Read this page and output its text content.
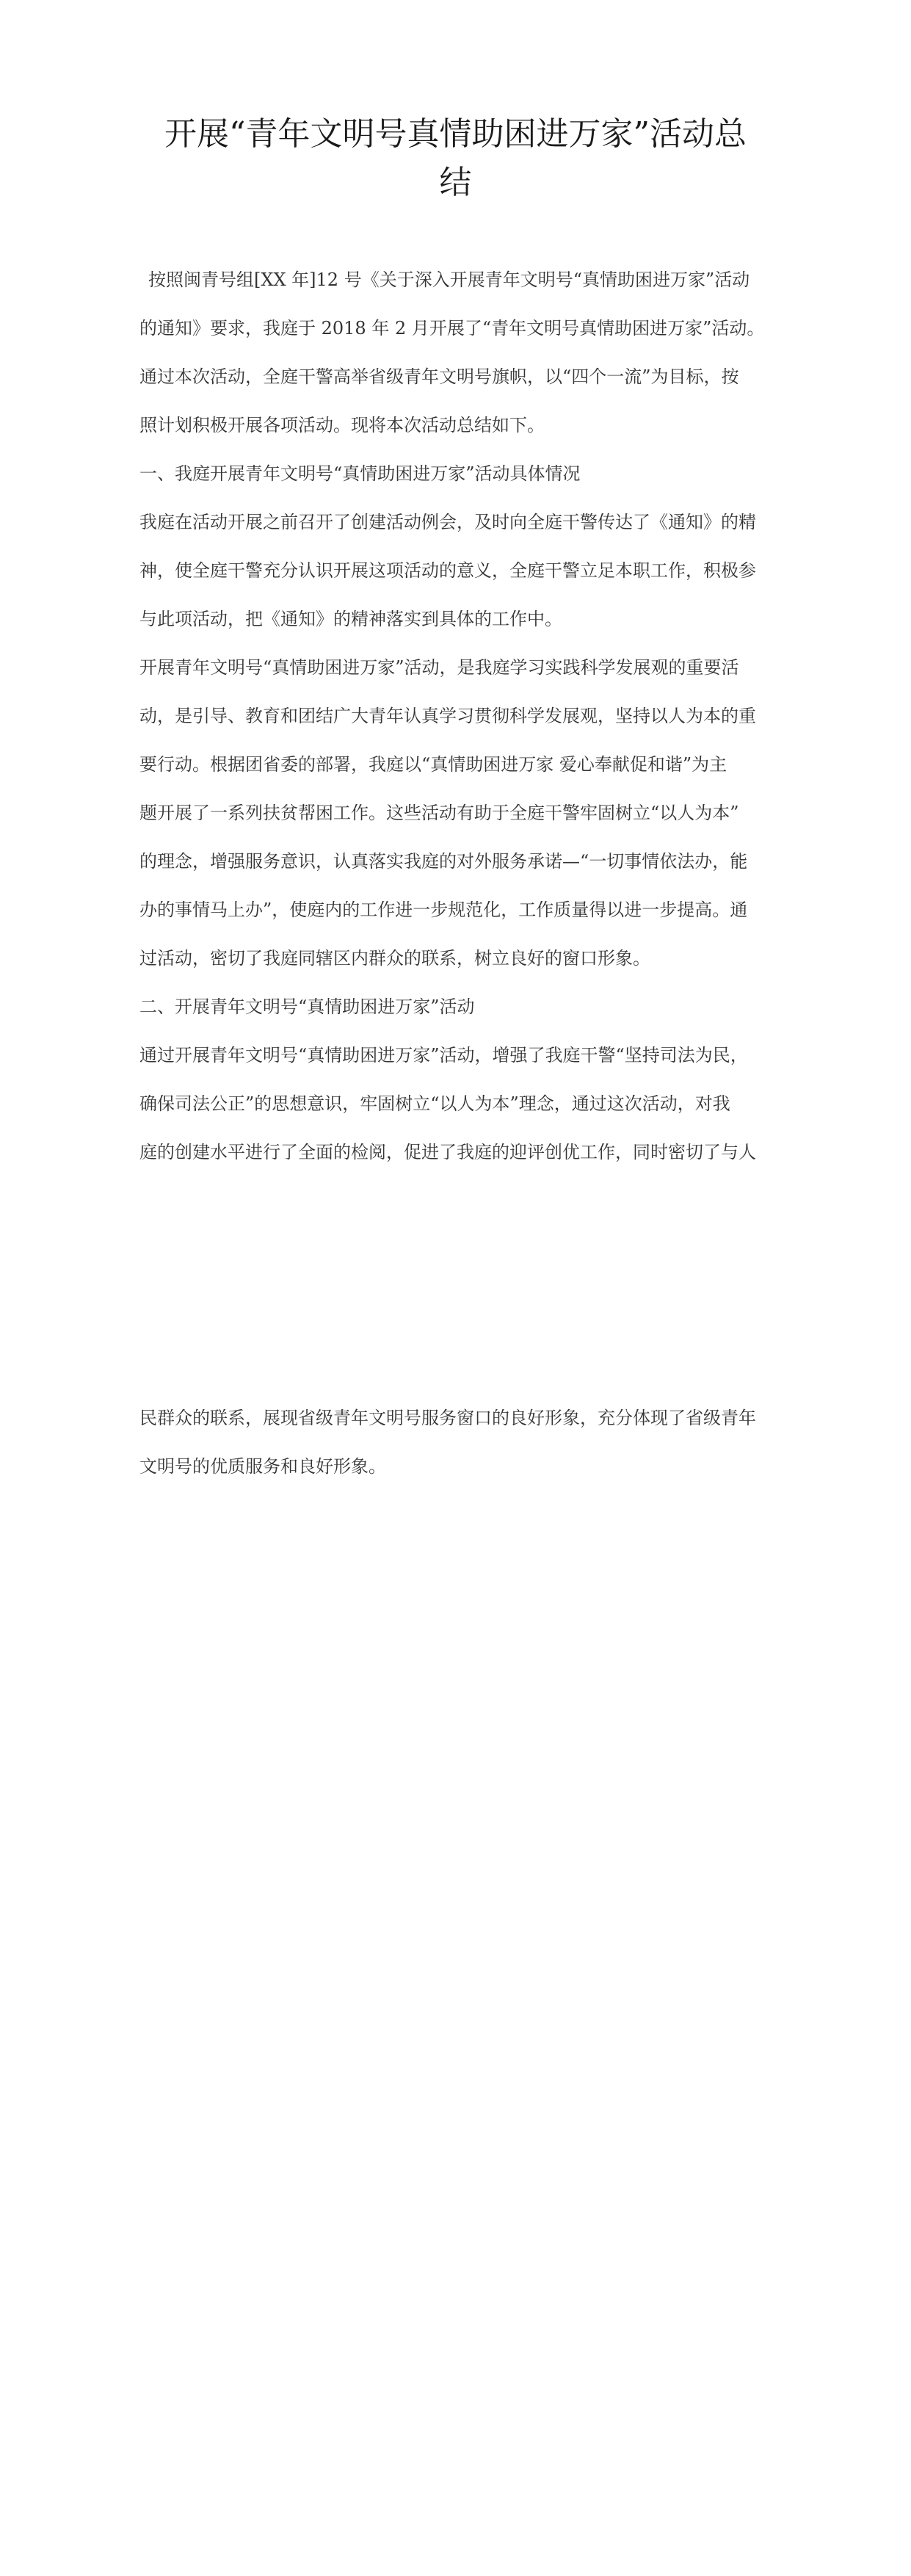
开展“青年文明号真情助困进万家”活动总
结
按照闽青号组[XX 年]12 号《关于深入开展青年文明号“真情助困进万家”活动
的通知》要求，我庭于 2018 年 2 月开展了“青年文明号真情助困进万家”活动。
通过本次活动，全庭干警高举省级青年文明号旗帜，以“四个一流”为目标，按
照计划积极开展各项活动。现将本次活动总结如下。
一、我庭开展青年文明号“真情助困进万家”活动具体情况
我庭在活动开展之前召开了创建活动例会，及时向全庭干警传达了《通知》的精
神，使全庭干警充分认识开展这项活动的意义，全庭干警立足本职工作，积极参
与此项活动，把《通知》的精神落实到具体的工作中。
开展青年文明号“真情助困进万家”活动，是我庭学习实践科学发展观的重要活
动，是引导、教育和团结广大青年认真学习贯彻科学发展观，坚持以人为本的重
要行动。根据团省委的部署，我庭以“真情助困进万家 爱心奉献促和谐”为主
题开展了一系列扶贫帮困工作。这些活动有助于全庭干警牢固树立“以人为本”
的理念，增强服务意识，认真落实我庭的对外服务承诺—“一切事情依法办，能
办的事情马上办”，使庭内的工作进一步规范化，工作质量得以进一步提高。通
过活动，密切了我庭同辖区内群众的联系，树立良好的窗口形象。
二、开展青年文明号“真情助困进万家”活动
通过开展青年文明号“真情助困进万家”活动，增强了我庭干警“坚持司法为民，
确保司法公正”的思想意识，牢固树立“以人为本”理念，通过这次活动，对我
庭的创建水平进行了全面的检阅，促进了我庭的迎评创优工作，同时密切了与人
民群众的联系，展现省级青年文明号服务窗口的良好形象，充分体现了省级青年
文明号的优质服务和良好形象。
